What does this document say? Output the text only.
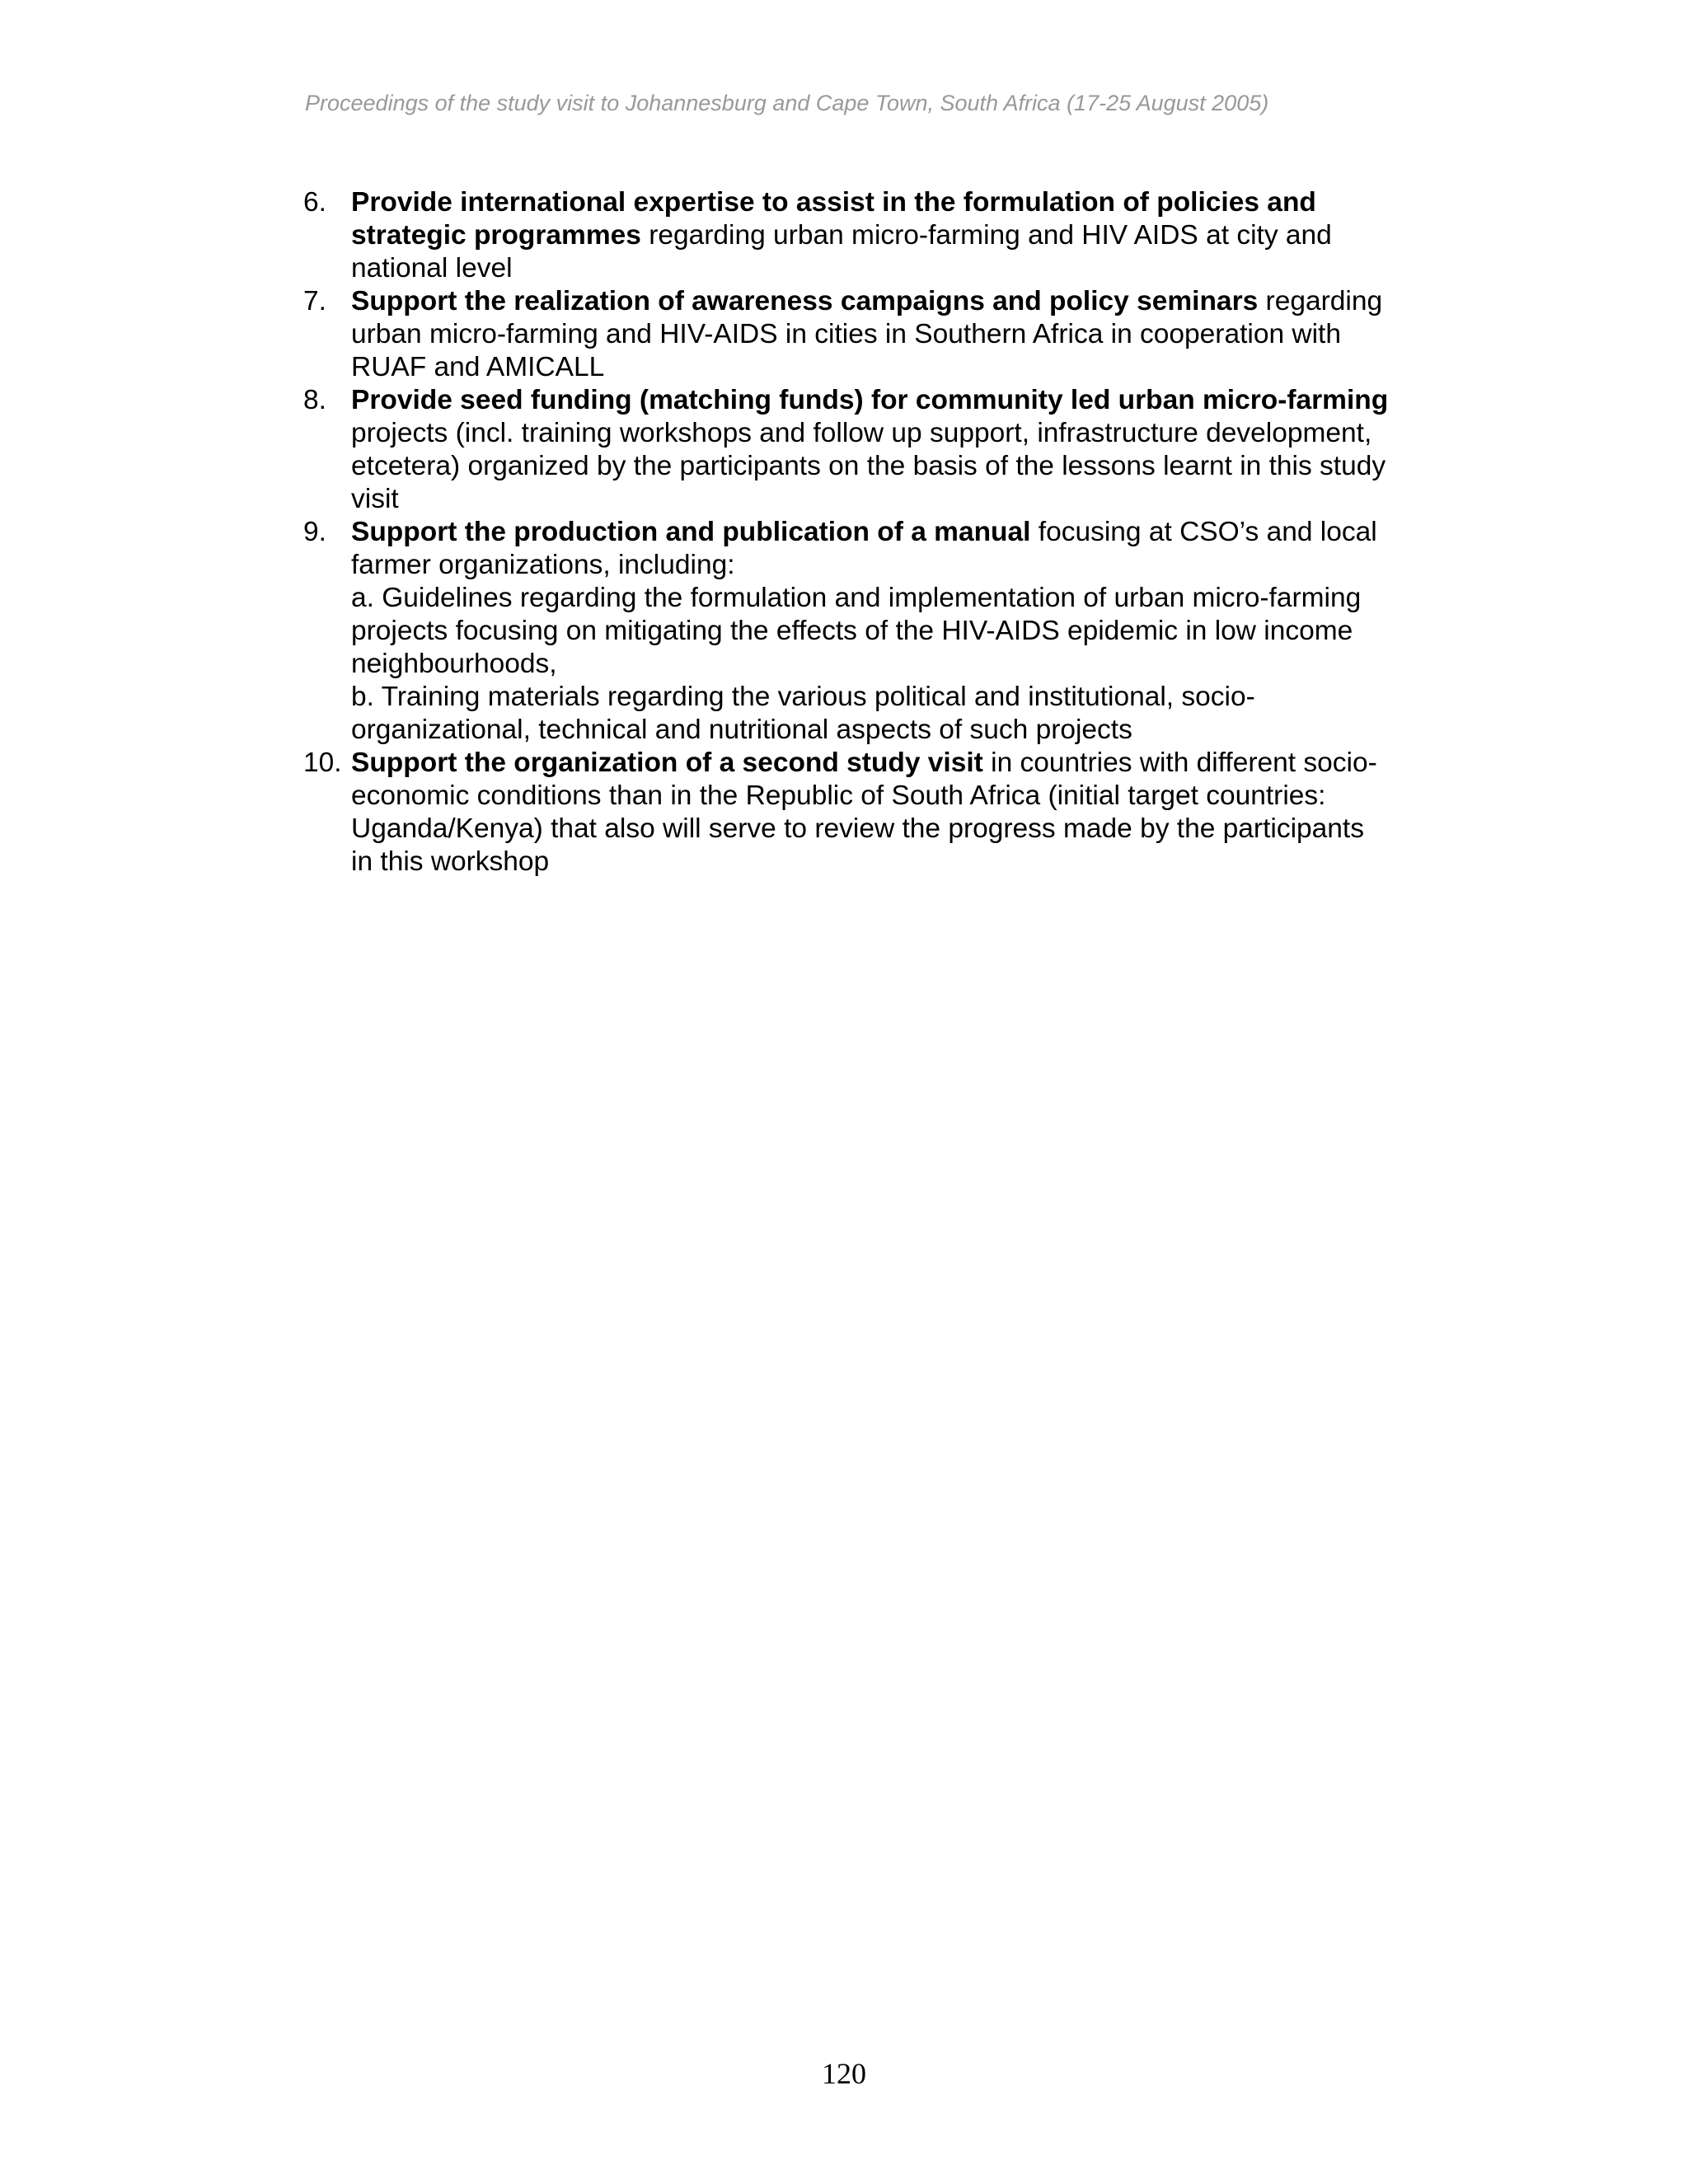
Proceedings of the study visit to Johannesburg and Cape Town, South Africa (17-25 August 2005)
6. Provide international expertise to assist in the formulation of policies and strategic programmes regarding urban micro-farming and HIV AIDS at city and national level
7. Support the realization of awareness campaigns and policy seminars regarding urban micro-farming and HIV-AIDS in cities in Southern Africa in cooperation with RUAF and AMICALL
8. Provide seed funding (matching funds) for community led urban micro-farming projects (incl. training workshops and follow up support, infrastructure development, etcetera) organized by the participants on the basis of the lessons learnt in this study visit
9. Support the production and publication of a manual focusing at CSO’s and local farmer organizations, including:
a. Guidelines regarding the formulation and implementation of urban micro-farming projects focusing on mitigating the effects of the HIV-AIDS epidemic in low income neighbourhoods,
b. Training materials regarding the various political and institutional, socio-organizational, technical and nutritional aspects of such projects
10. Support the organization of a second study visit in countries with different socio-economic conditions than in the Republic of South Africa (initial target countries: Uganda/Kenya) that also will serve to review the progress made by the participants in this workshop
120
